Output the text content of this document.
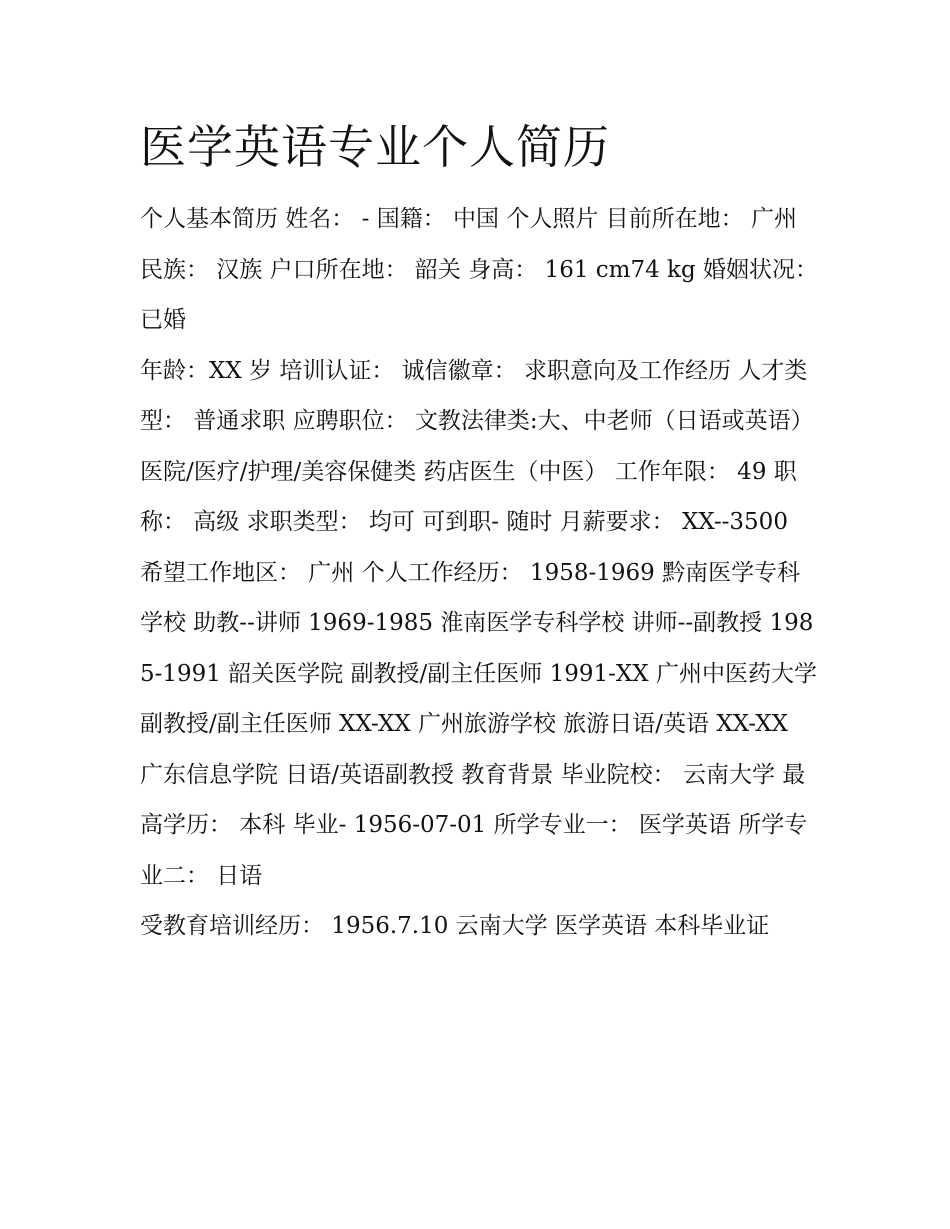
医学英语专业个人简历

个人基本简历 姓名： - 国籍： 中国 个人照片 目前所在地： 广州 民族： 汉族 户口所在地： 韶关 身高： 161 cm74 kg 婚姻状况： 已婚

年龄：XX 岁 培训认证： 诚信徽章： 求职意向及工作经历 人才类型： 普通求职 应聘职位： 文教法律类:大、中老师（日语或英语）

医院/医疗/护理/美容保健类 药店医生（中医） 工作年限： 49 职称： 高级 求职类型： 均可 可到职- 随时 月薪要求： XX--3500

希望工作地区： 广州 个人工作经历： 1958-1969 黔南医学专科学校 助教--讲师 1969-1985 淮南医学专科学校 讲师--副教授 1985-1991 韶关医学院 副教授/副主任医师 1991-XX 广州中医药大学 副教授/副主任医师 XX-XX 广州旅游学校 旅游日语/英语 XX-XX

广东信息学院 日语/英语副教授 教育背景 毕业院校： 云南大学 最高学历： 本科 毕业- 1956-07-01 所学专业一： 医学英语 所学专业二： 日语

受教育培训经历： 1956.7.10 云南大学 医学英语 本科毕业证
